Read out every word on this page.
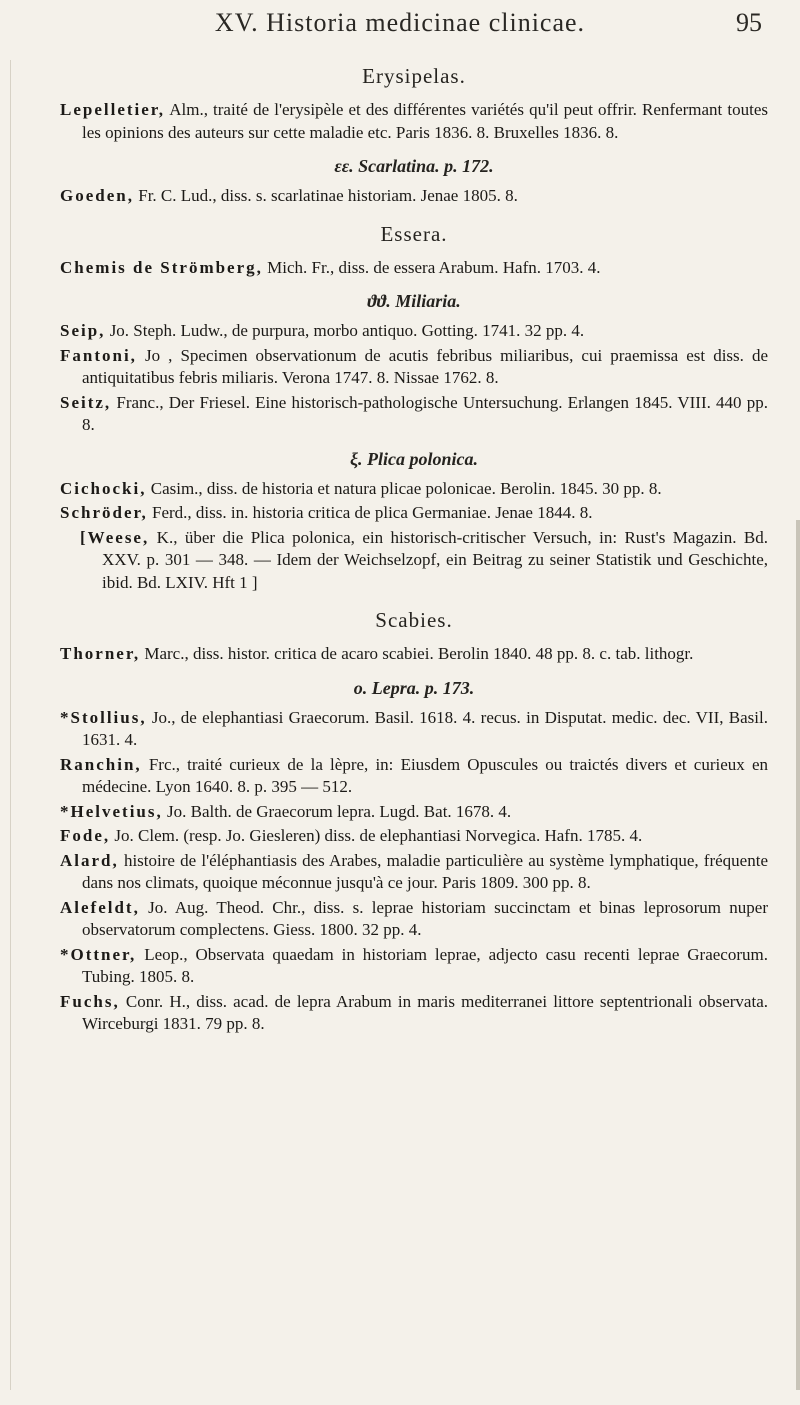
XV. Historia medicinae clinicae.	95
Erysipelas.
Lepelletier, Alm., traité de l'erysipèle et des différentes variétés qu'il peut offrir. Renfermant toutes les opinions des auteurs sur cette maladie etc. Paris 1836. 8. Bruxelles 1836. 8.
εε. Scarlatina. p. 172.
Goeden, Fr. C. Lud., diss. s. scarlatinae historiam. Jenae 1805. 8.
Essera.
Chemis de Strömberg, Mich. Fr., diss. de essera Arabum. Hafn. 1703. 4.
ϑϑ. Miliaria.
Seip, Jo. Steph. Ludw., de purpura, morbo antiquo. Gotting. 1741. 32 pp. 4.
Fantoni, Jo , Specimen observationum de acutis febribus miliaribus, cui praemissa est diss. de antiquitatibus febris miliaris. Verona 1747. 8. Nissae 1762. 8.
Seitz, Franc., Der Friesel. Eine historisch-pathologische Untersuchung. Erlangen 1845. VIII. 440 pp. 8.
ξ. Plica polonica.
Cichocki, Casim., diss. de historia et natura plicae polonicae. Berolin. 1845. 30 pp. 8.
Schröder, Ferd., diss. in. historia critica de plica Germaniae. Jenae 1844. 8.
[Weese, K., über die Plica polonica, ein historisch-critischer Versuch, in: Rust's Magazin. Bd. XXV. p. 301 — 348. — Idem der Weichselzopf, ein Beitrag zu seiner Statistik und Geschichte, ibid. Bd. LXIV. Hft 1 ]
Scabies.
Thorner, Marc., diss. histor. critica de acaro scabiei. Berolin 1840. 48 pp. 8. c. tab. lithogr.
o. Lepra. p. 173.
*Stollius, Jo., de elephantiasi Graecorum. Basil. 1618. 4. recus. in Disputat. medic. dec. VII, Basil. 1631. 4.
Ranchin, Frc., traité curieux de la lèpre, in: Eiusdem Opuscules ou traictés divers et curieux en médecine. Lyon 1640. 8. p. 395 — 512.
*Helvetius, Jo. Balth. de Graecorum lepra. Lugd. Bat. 1678. 4.
Fode, Jo. Clem. (resp. Jo. Giesleren) diss. de elephantiasi Norvegica. Hafn. 1785. 4.
Alard, histoire de l'éléphantiasis des Arabes, maladie particulière au système lymphatique, fréquente dans nos climats, quoique méconnue jusqu'à ce jour. Paris 1809. 300 pp. 8.
Alefeldt, Jo. Aug. Theod. Chr., diss. s. leprae historiam succinctam et binas leprosorum nuper observatorum complectens. Giess. 1800. 32 pp. 4.
*Ottner, Leop., Observata quaedam in historiam leprae, adjecto casu recenti leprae Graecorum. Tubing. 1805. 8.
Fuchs, Conr. H., diss. acad. de lepra Arabum in maris mediterranei littore septentrionali observata. Wirceburgi 1831. 79 pp. 8.
